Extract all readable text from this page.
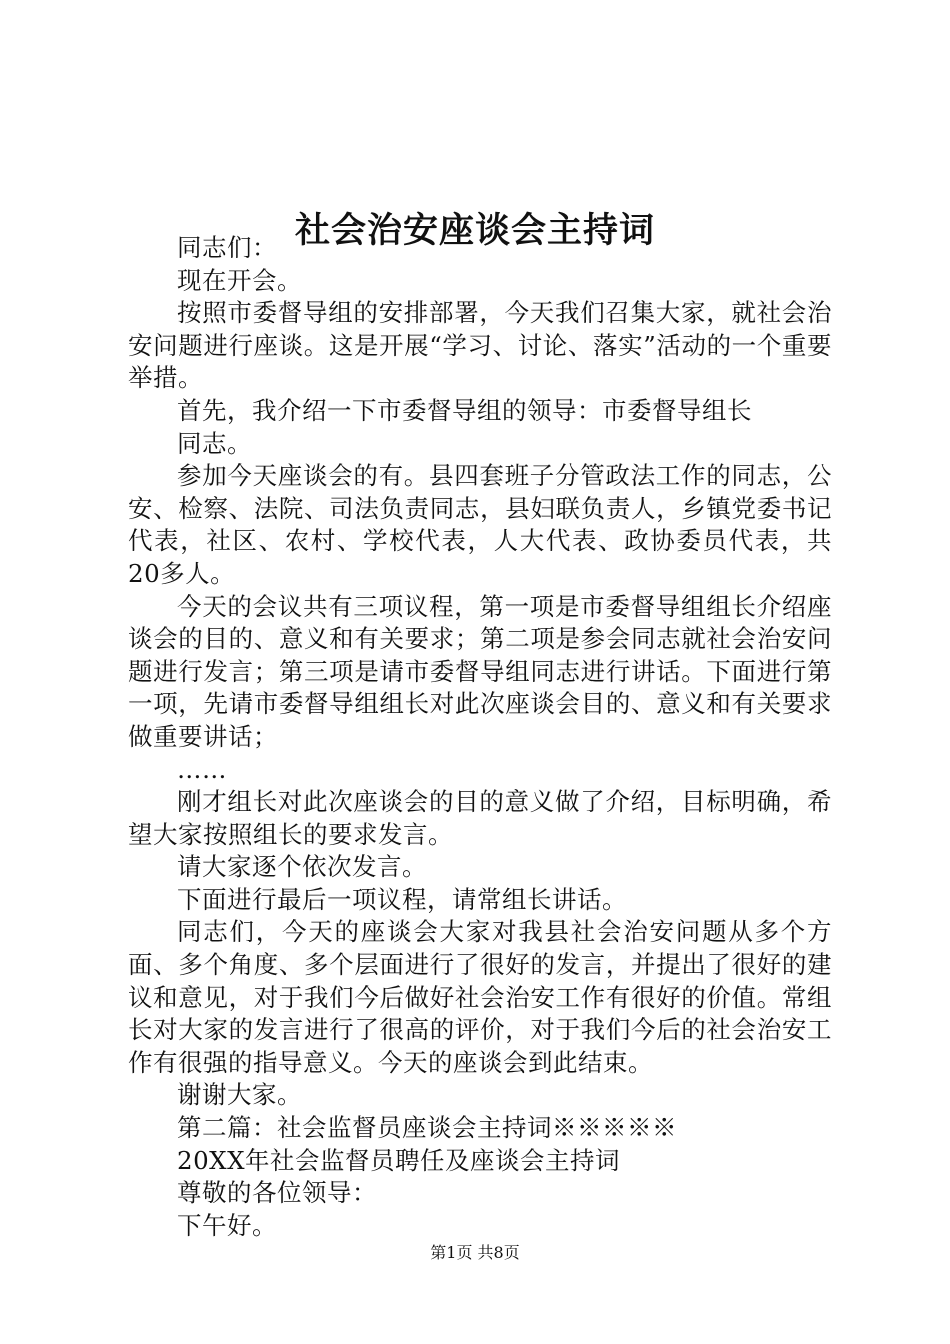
社会治安座谈会主持词

同志们：

现在开会。

按照市委督导组的安排部署，今天我们召集大家，就社会治安问题进行座谈。这是开展“学习、讨论、落实”活动的一个重要举措。

首先，我介绍一下市委督导组的领导：市委督导组长

同志。

参加今天座谈会的有。县四套班子分管政法工作的同志，公安、检察、法院、司法负责同志，县妇联负责人，乡镇党委书记代表，社区、农村、学校代表，人大代表、政协委员代表，共20多人。

今天的会议共有三项议程，第一项是市委督导组组长介绍座谈会的目的、意义和有关要求；第二项是参会同志就社会治安问题进行发言；第三项是请市委督导组同志进行讲话。下面进行第一项，先请市委督导组组长对此次座谈会目的、意义和有关要求做重要讲话；

……

刚才组长对此次座谈会的目的意义做了介绍，目标明确，希望大家按照组长的要求发言。

请大家逐个依次发言。

下面进行最后一项议程，请常组长讲话。

同志们，今天的座谈会大家对我县社会治安问题从多个方面、多个角度、多个层面进行了很好的发言，并提出了很好的建议和意见，对于我们今后做好社会治安工作有很好的价值。常组长对大家的发言进行了很高的评价，对于我们今后的社会治安工作有很强的指导意义。今天的座谈会到此结束。

谢谢大家。

第二篇：社会监督员座谈会主持词※※※※※

20XX年社会监督员聘任及座谈会主持词

尊敬的各位领导：

下午好。

第1页 共8页
